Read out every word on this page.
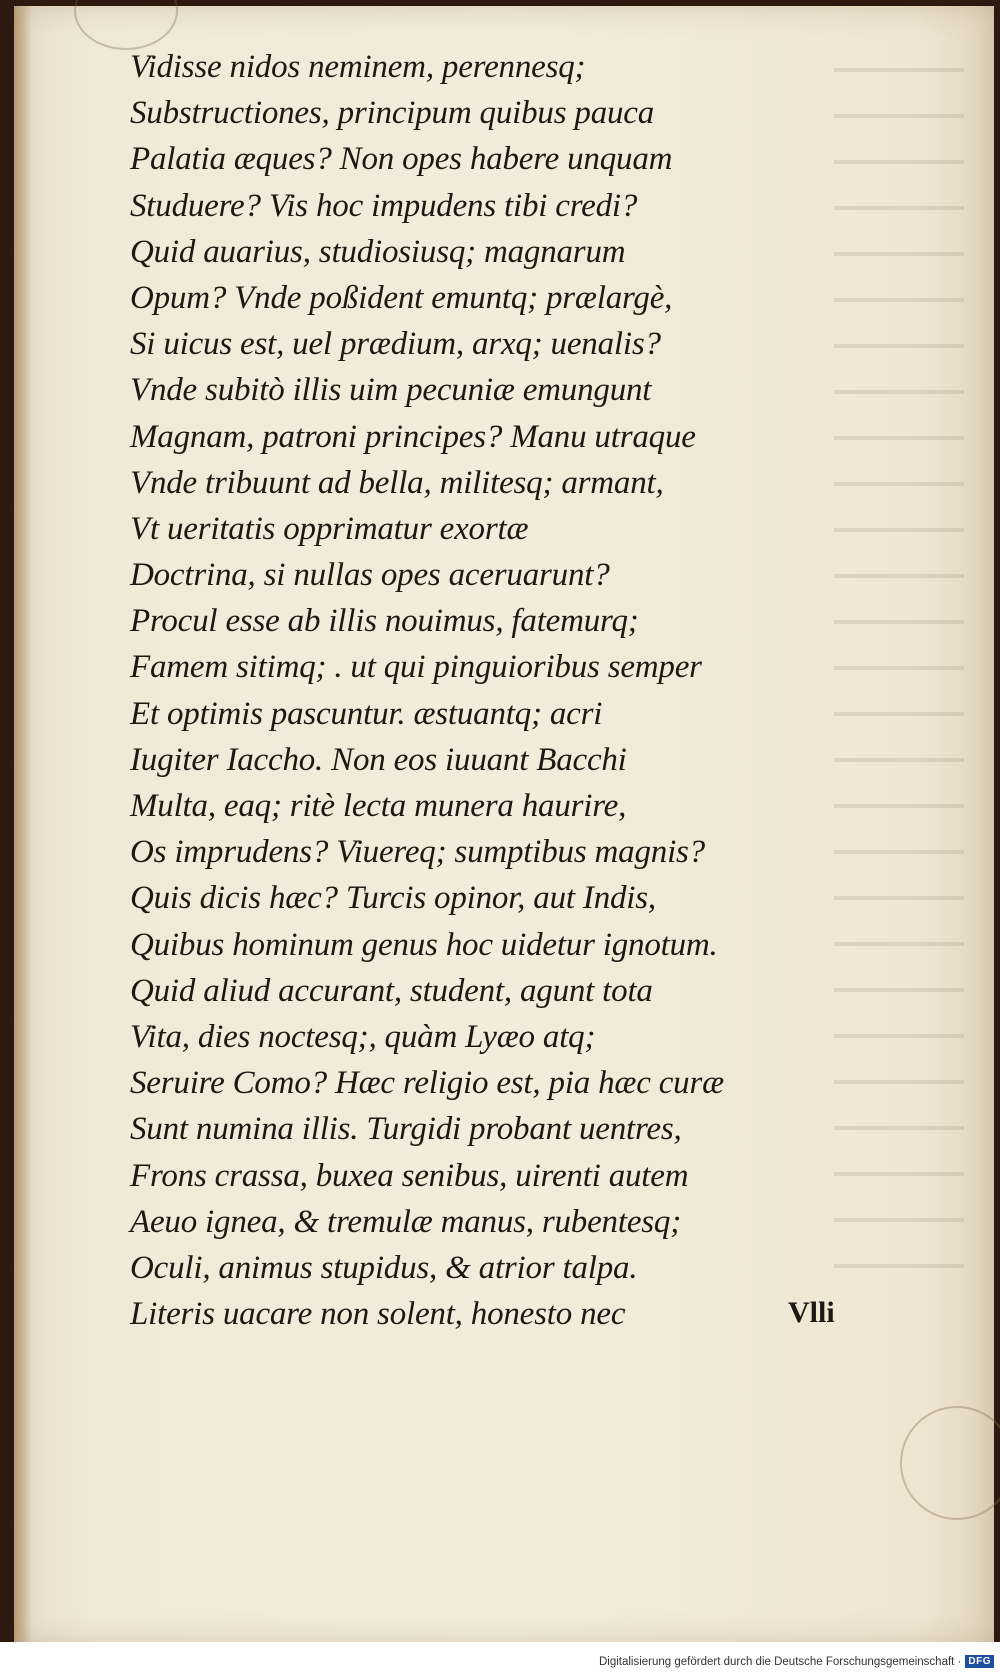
Vidisse nidos neminem, perennesq;
Substructiones, principum quibus pauca
Palatia æques? Non opes habere unquam
Studuere? Vis hoc impudens tibi credi?
Quid auarius, studiosiusq; magnarum
Opum? Vnde poßident emuntq; prælargè,
Si uicus est, uel prædium, arxq; uenalis?
Vnde subitò illis uim pecuniæ emungunt
Magnam, patroni principes? Manu utraque
Vnde tribuunt ad bella, militesq; armant,
Vt ueritatis opprimatur exortæ
Doctrina, si nullas opes aceruarunt?
Procul esse ab illis nouimus, fatemurq;
Famem sitimq; . ut qui pinguioribus semper
Et optimis pascuntur. æstuantq; acri
Iugiter Iaccho. Non eos iuuant Bacchi
Multa, eaq; ritè lecta munera haurire,
Os imprudens? Viuereq; sumptibus magnis?
Quis dicis hæc? Turcis opinor, aut Indis,
Quibus hominum genus hoc uidetur ignotum.
Quid aliud accurant, student, agunt tota
Vita, dies noctesq;, quàm Lyæo atq;
Seruire Como? Hæc religio est, pia hæc curæ
Sunt numina illis. Turgidi probant uentres,
Frons crassa, buxea senibus, uirenti autem
Aeuo ignea, & tremulæ manus, rubentesq;
Oculi, animus stupidus, & atrior talpa.
Literis uacare non solent, honesto nec	Vlli
Digitalisierung gefördert durch die Deutsche Forschungsgemeinschaft · DFG
